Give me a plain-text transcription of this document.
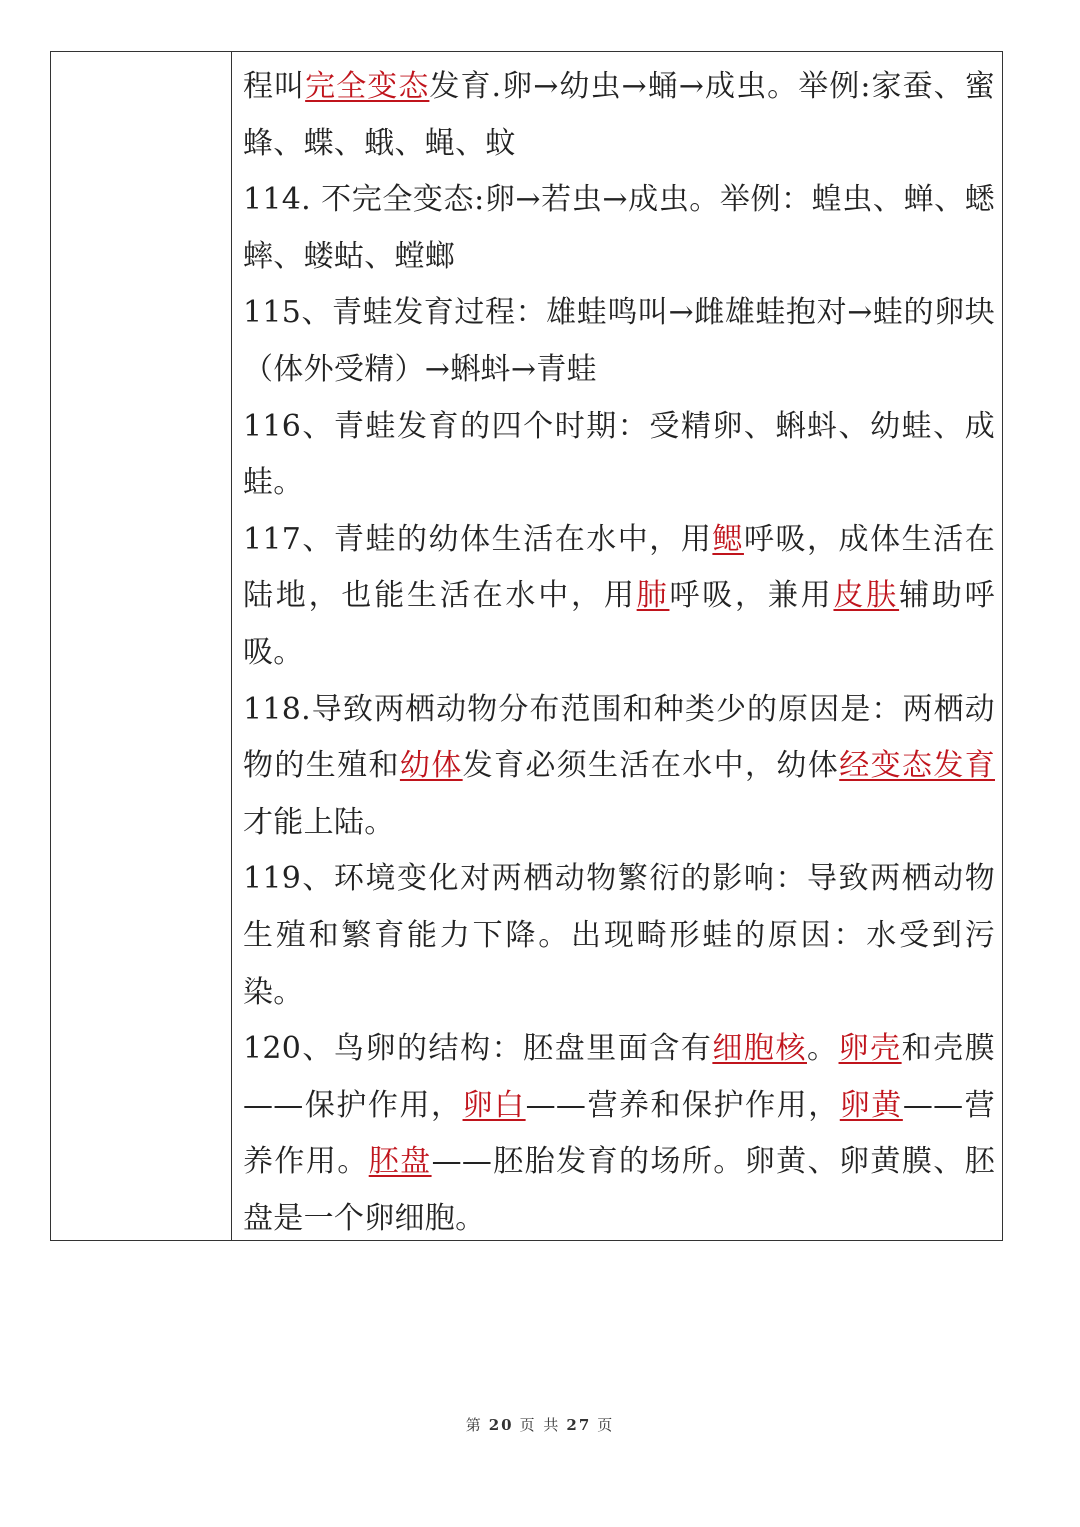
程叫完全变态发育.卵→幼虫→蛹→成虫。举例:家蚕、蜜蜂、蝶、蛾、蝇、蚊

114. 不完全变态:卵→若虫→成虫。举例：蝗虫、蝉、蟋蟀、蝼蛄、螳螂

115、青蛙发育过程：雄蛙鸣叫→雌雄蛙抱对→蛙的卵块（体外受精）→蝌蚪→青蛙

116、青蛙发育的四个时期：受精卵、蝌蚪、幼蛙、成蛙。

117、青蛙的幼体生活在水中，用鳃呼吸，成体生活在陆地，也能生活在水中，用肺呼吸，兼用皮肤辅助呼吸。

118.导致两栖动物分布范围和种类少的原因是：两栖动物的生殖和幼体发育必须生活在水中，幼体经变态发育才能上陆。

119、环境变化对两栖动物繁衍的影响：导致两栖动物生殖和繁育能力下降。出现畸形蛙的原因：水受到污染。

120、鸟卵的结构：胚盘里面含有细胞核。卵壳和壳膜——保护作用，卵白——营养和保护作用，卵黄——营养作用。胚盘——胚胎发育的场所。卵黄、卵黄膜、胚盘是一个卵细胞。

第 20 页 共 27 页
